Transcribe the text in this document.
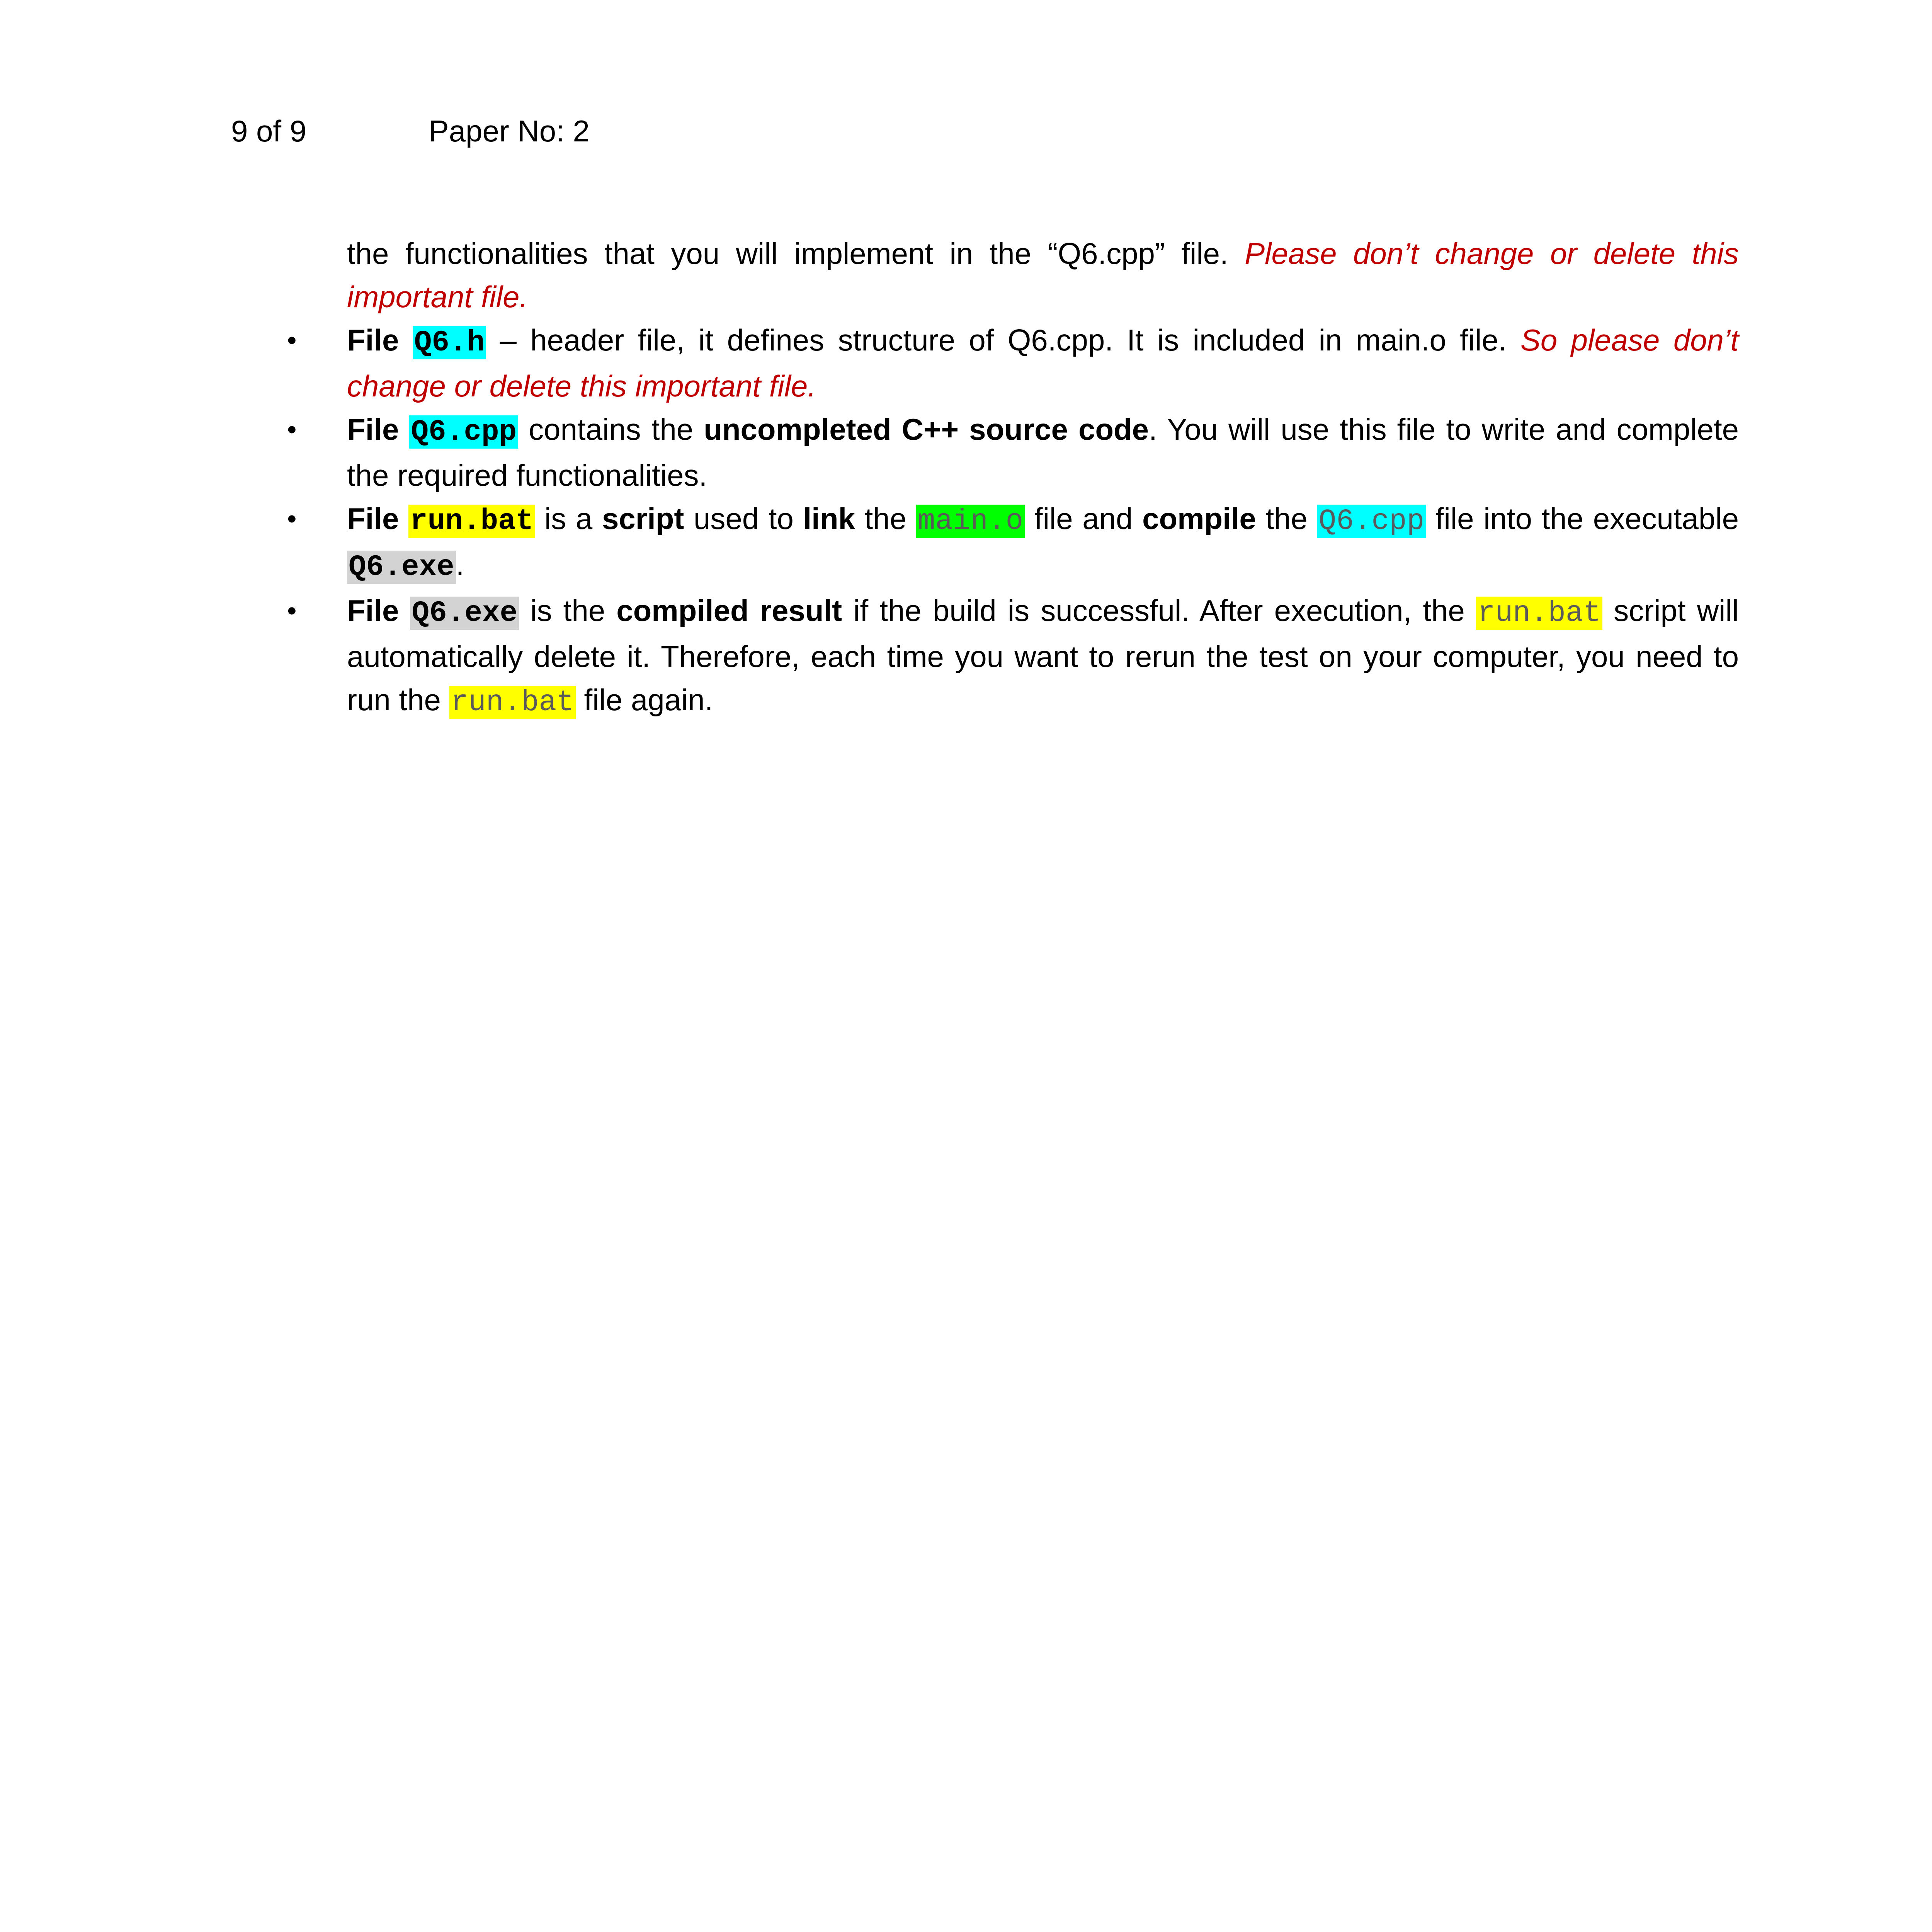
9 of 9	Paper No: 2

the functionalities that you will implement in the “Q6.cpp” file. Please don’t change or delete this important file.

• File Q6.h – header file, it defines structure of Q6.cpp. It is included in main.o file. So please don’t change or delete this important file.
• File Q6.cpp contains the uncompleted C++ source code. You will use this file to write and complete the required functionalities.
• File run.bat is a script used to link the main.o file and compile the Q6.cpp file into the executable Q6.exe.
• File Q6.exe is the compiled result if the build is successful. After execution, the run.bat script will automatically delete it. Therefore, each time you want to rerun the test on your computer, you need to run the run.bat file again.
